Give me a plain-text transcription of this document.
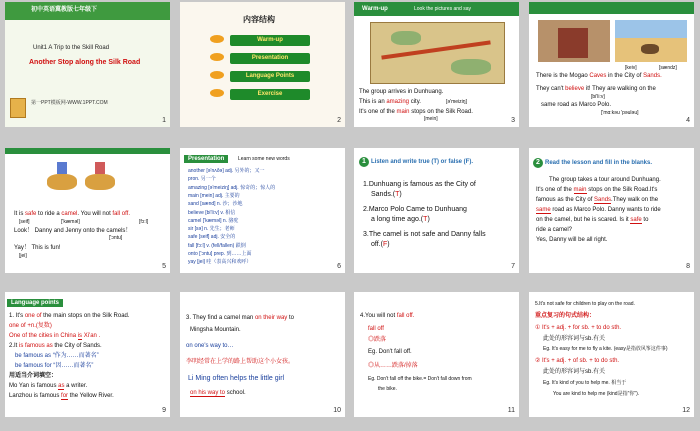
初中英语冀教版七年级下
Unit1 A Trip to the Skill Road
Another Stop along the Silk Road
第一PPT模板网-WWW.1PPT.COM
1
内容结构
Warm-up
Presentation
Language Points
Exercise
2
Warm-up	Look the pictures and say
The group arrives in Dunhuang.
This is an amazing city.	[ə'meiziŋ]
It's one of the main stops on the Silk Road.
[mein]	3
[keiv]	[sændz]
There is the Mogao Caves in the City of Sands.
They can't believe it! They are walking on the
[bi'li:v]
same road as Marco Polo.
['mɑ:kəu 'pəuləu]
4
It is safe to ride a camel. You will not fall off.
[seif]	['kæməl]	[fɔ:l]
Look！ Danny and Jenny onto the camels！
['ɔntu]
Yay！ This is fun!
[jei]
5
Presentation	Learn some new words
another [ə'nʌðə] adj. 另外的；又一
pron. 另一个
amazing [ə'meiziŋ] adj. 惊奇的；惊人的
main [mein] adj. 主要的
sand [sænd] n. 沙；沙地
believe [bi'li:v] v. 相信
camel ['kæməl] n. 骆驼
sir [sə] n. 先生；老师
safe [seif] adj. 安全的
fall [fɔ:l] v. (fell/fallen) 跌倒
onto ['ɔntu] prep. 到……上面
yay [jei] 哇（表高兴和欢呼）
6
1 Listen and write true (T) or false (F).
1.Dunhuang is famous as the City of
Sands.(T)
2.Marco Polo Came to Dunhuang
a long time ago.(T)
3.The camel is not safe and Danny falls
off.(F)
7
2 Read the lesson and fill in the blanks.
The group takes a tour around Dunhuang.
It's one of the main stops on the Silk Road.It's
famous as the City of Sands.They walk on the
same road as Marco Polo. Danny wants to ride
on the camel, but he is scared. Is it safe to
ride a camel?
Yes, Danny will be all right.
8
Language points
1. It's one of the main stops on the Silk Road.
one of +n.(复数)
One of the cities in China is Xi'an .
2.It is famous as the City of Sands.
be famous as “作为……而著名”
be famous for “因……而著名”
用适当介词填空：
Mo Yan is famous as a writer.
Lanzhou is famous for the Yellow River.
9
3. They find a camel man on their way to
Mingsha Mountain.
on one's way to…
李明经常在上学的路上帮助这个小女孩。
Li Ming often helps the little girl
on his way to school.
10
4.You will not fall off.
fall off
◎跌落
Eg. Don't fall off.
◎从……跌落/掉落
Eg. Don't fall off the bike.= Don't fall down from
the bike.
11
5.It's not safe for children to play on the road.
重点复习的句式结构：
① It's + adj. + for sb. + to do sth.
此处的形容词与sb.有关
Eg. It's easy for me to fly a kite. (easy是指放风筝这件事)
② It's + adj. + of sb. + to do sth.
此处的形容词与sb.有关
Eg. It's kind of you to help me. 相当于
You are kind to help me (kind是指"你").
12
